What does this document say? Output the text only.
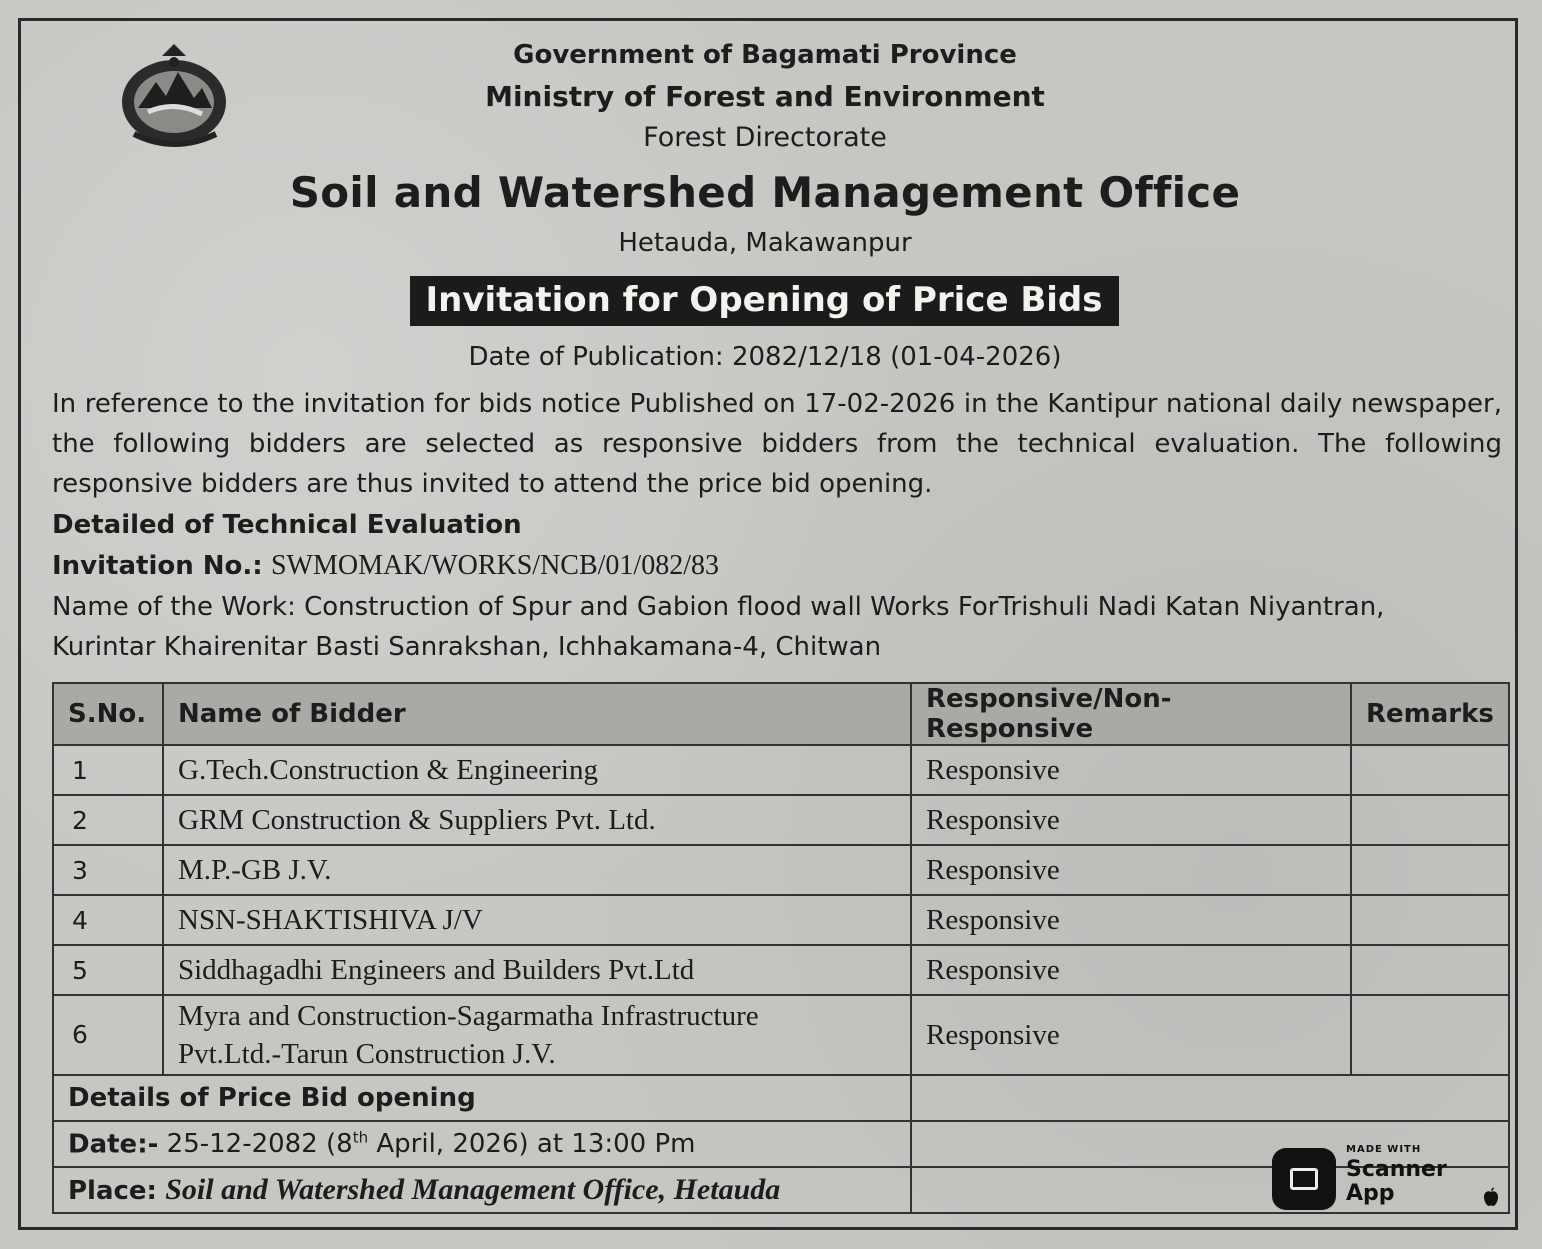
Government of Bagamati Province
Ministry of Forest and Environment
Forest Directorate
Soil and Watershed Management Office
Hetauda, Makawanpur
Invitation for Opening of Price Bids
Date of Publication: 2082/12/18 (01-04-2026)
In reference to the invitation for bids notice Published on 17-02-2026 in the Kantipur national daily newspaper, the following bidders are selected as responsive bidders from the technical evaluation. The following responsive bidders are thus invited to attend the price bid opening.
Detailed of Technical Evaluation
Invitation No.: SWMOMAK/WORKS/NCB/01/082/83
Name of the Work: Construction of Spur and Gabion flood wall Works ForTrishuli Nadi Katan Niyantran,
Kurintar Khairenitar Basti Sanrakshan, Ichhakamana-4, Chitwan
S.No.	Name of Bidder	Responsive/Non-Responsive	Remarks
1	G.Tech.Construction & Engineering	Responsive	
2	GRM Construction & Suppliers Pvt. Ltd.	Responsive	
3	M.P.-GB J.V.	Responsive	
4	NSN-SHAKTISHIVA J/V	Responsive	
5	Siddhagadhi Engineers and Builders Pvt.Ltd	Responsive	
6	Myra and Construction-Sagarmatha Infrastructure
Pvt.Ltd.-Tarun Construction J.V.	Responsive	
Details of Price Bid opening			
Date:- 25-12-2082 (8th April, 2026) at 13:00 Pm			
Place: Soil and Watershed Management Office, Hetauda			
MADE WITH
Scanner
App
